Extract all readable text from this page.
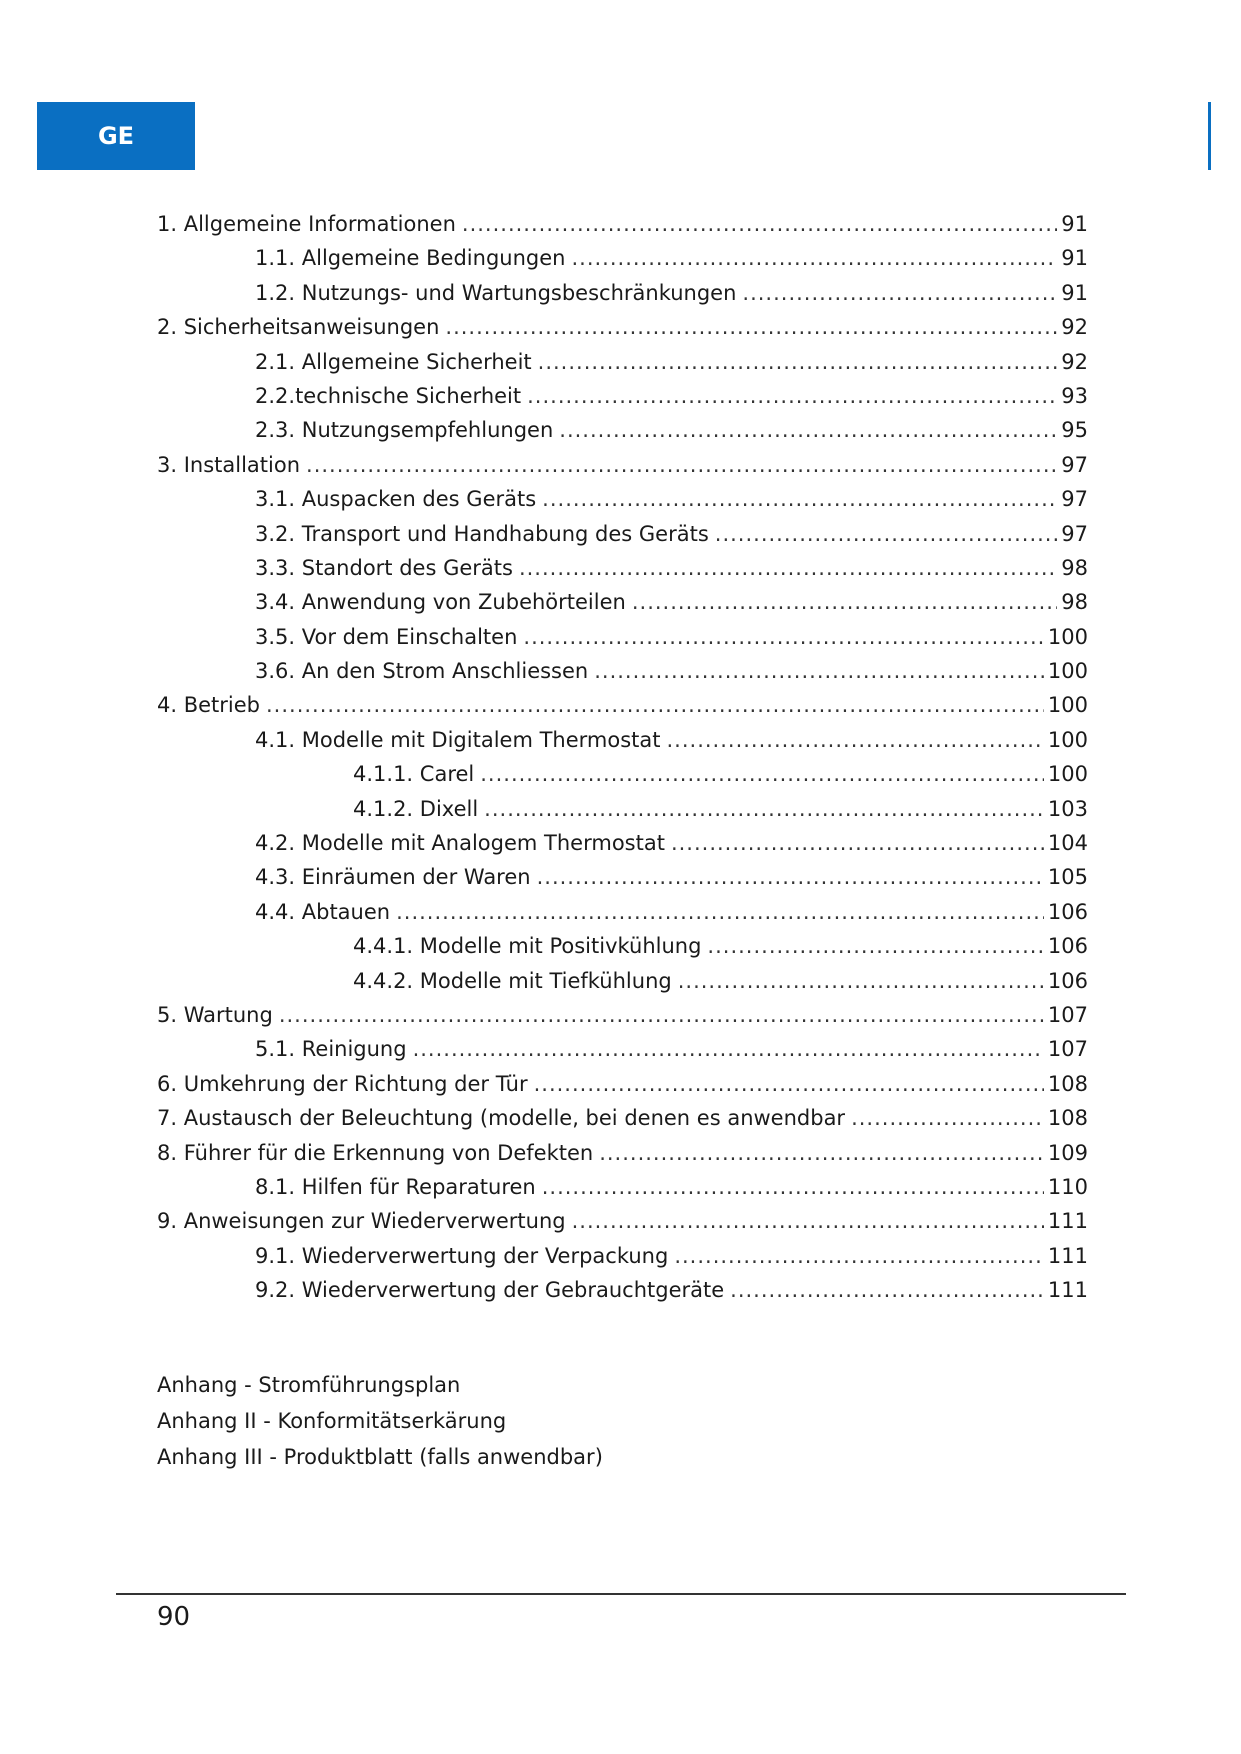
GE
1. Allgemeine Informationen .....	91
1.1. Allgemeine Bedingungen .....	91
1.2. Nutzungs- und Wartungsbeschränkungen .....	91
2. Sicherheitsanweisungen .....	92
2.1. Allgemeine Sicherheit .....	92
2.2.technische Sicherheit .....	93
2.3. Nutzungsempfehlungen .....	95
3. Installation .....	97
3.1. Auspacken des Geräts .....	97
3.2. Transport und Handhabung des Geräts .....	97
3.3. Standort des Geräts .....	98
3.4. Anwendung von Zubehörteilen .....	98
3.5. Vor dem Einschalten .....	100
3.6. An den Strom Anschliessen .....	100
4. Betrieb .....	100
4.1. Modelle mit Digitalem Thermostat .....	100
4.1.1. Carel .....	100
4.1.2. Dixell .....	103
4.2. Modelle mit Analogem Thermostat .....	104
4.3. Einräumen der Waren .....	105
4.4. Abtauen .....	106
4.4.1. Modelle mit Positivkühlung .....	106
4.4.2. Modelle mit Tiefkühlung .....	106
5. Wartung .....	107
5.1. Reinigung .....	107
6. Umkehrung der Richtung der Tür .....	108
7. Austausch der Beleuchtung (modelle, bei denen es anwendbar .....	108
8. Führer für die Erkennung von Defekten .....	109
8.1. Hilfen für Reparaturen .....	110
9. Anweisungen zur Wiederverwertung .....	111
9.1. Wiederverwertung der Verpackung .....	111
9.2. Wiederverwertung der Gebrauchtgeräte .....	111
Anhang - Stromführungsplan
Anhang II - Konformitätserkärung
Anhang III - Produktblatt (falls anwendbar)
90
